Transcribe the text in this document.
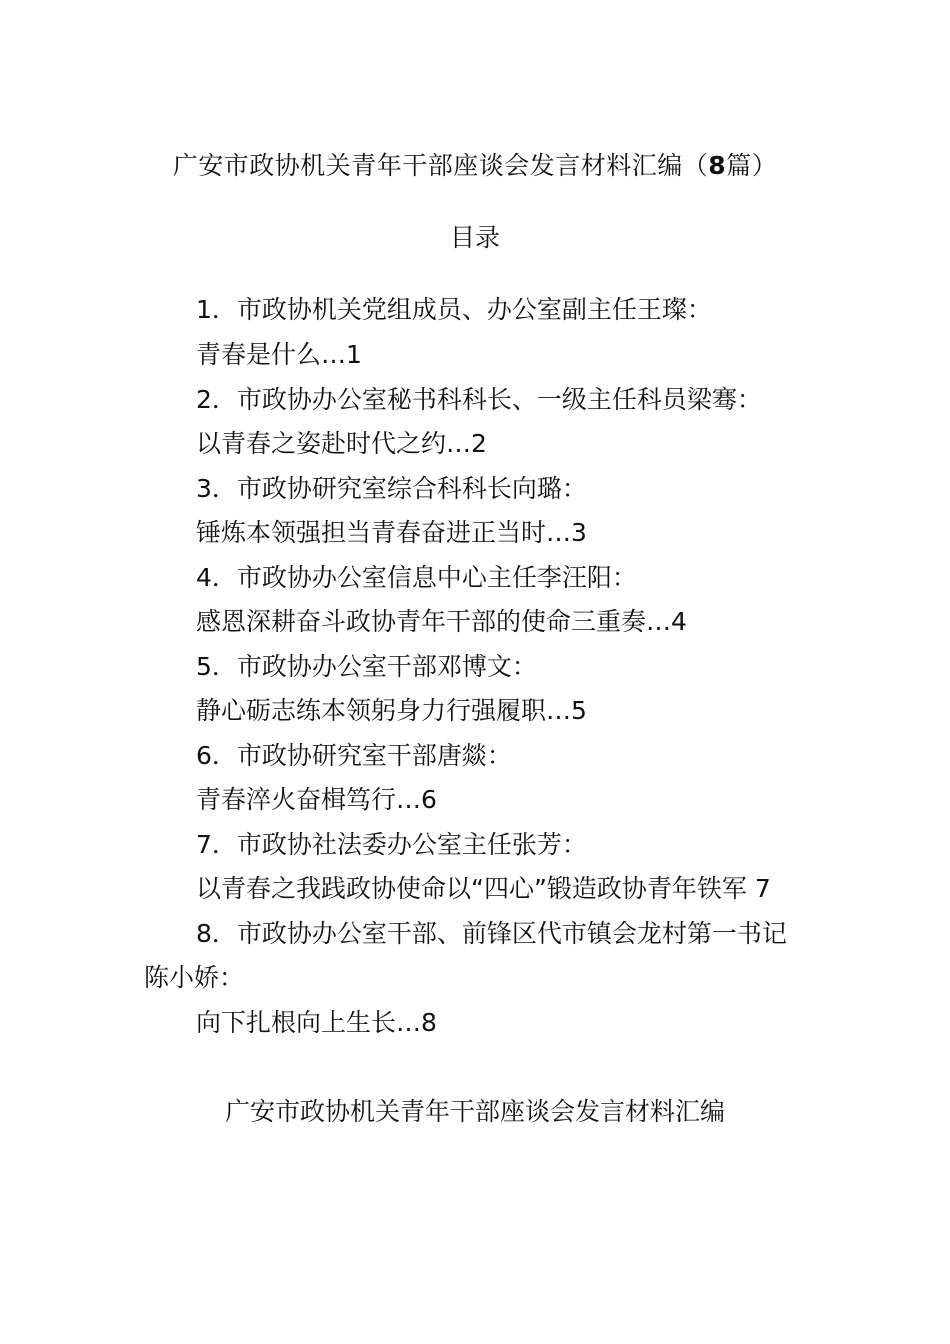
广安市政协机关青年干部座谈会发言材料汇编（8篇）
目录
1．市政协机关党组成员、办公室副主任王璨：
青春是什么…1
2．市政协办公室秘书科科长、一级主任科员梁骞：
以青春之姿赴时代之约…2
3．市政协研究室综合科科长向璐：
锤炼本领强担当青春奋进正当时…3
4．市政协办公室信息中心主任李汪阳：
感恩深耕奋斗政协青年干部的使命三重奏…4
5．市政协办公室干部邓博文：
静心砺志练本领躬身力行强履职…5
6．市政协研究室干部唐燚：
青春淬火奋楫笃行…6
7．市政协社法委办公室主任张芳：
以青春之我践政协使命以“四心”锻造政协青年铁军 7
8．市政协办公室干部、前锋区代市镇会龙村第一书记
陈小娇：
向下扎根向上生长…8
广安市政协机关青年干部座谈会发言材料汇编
